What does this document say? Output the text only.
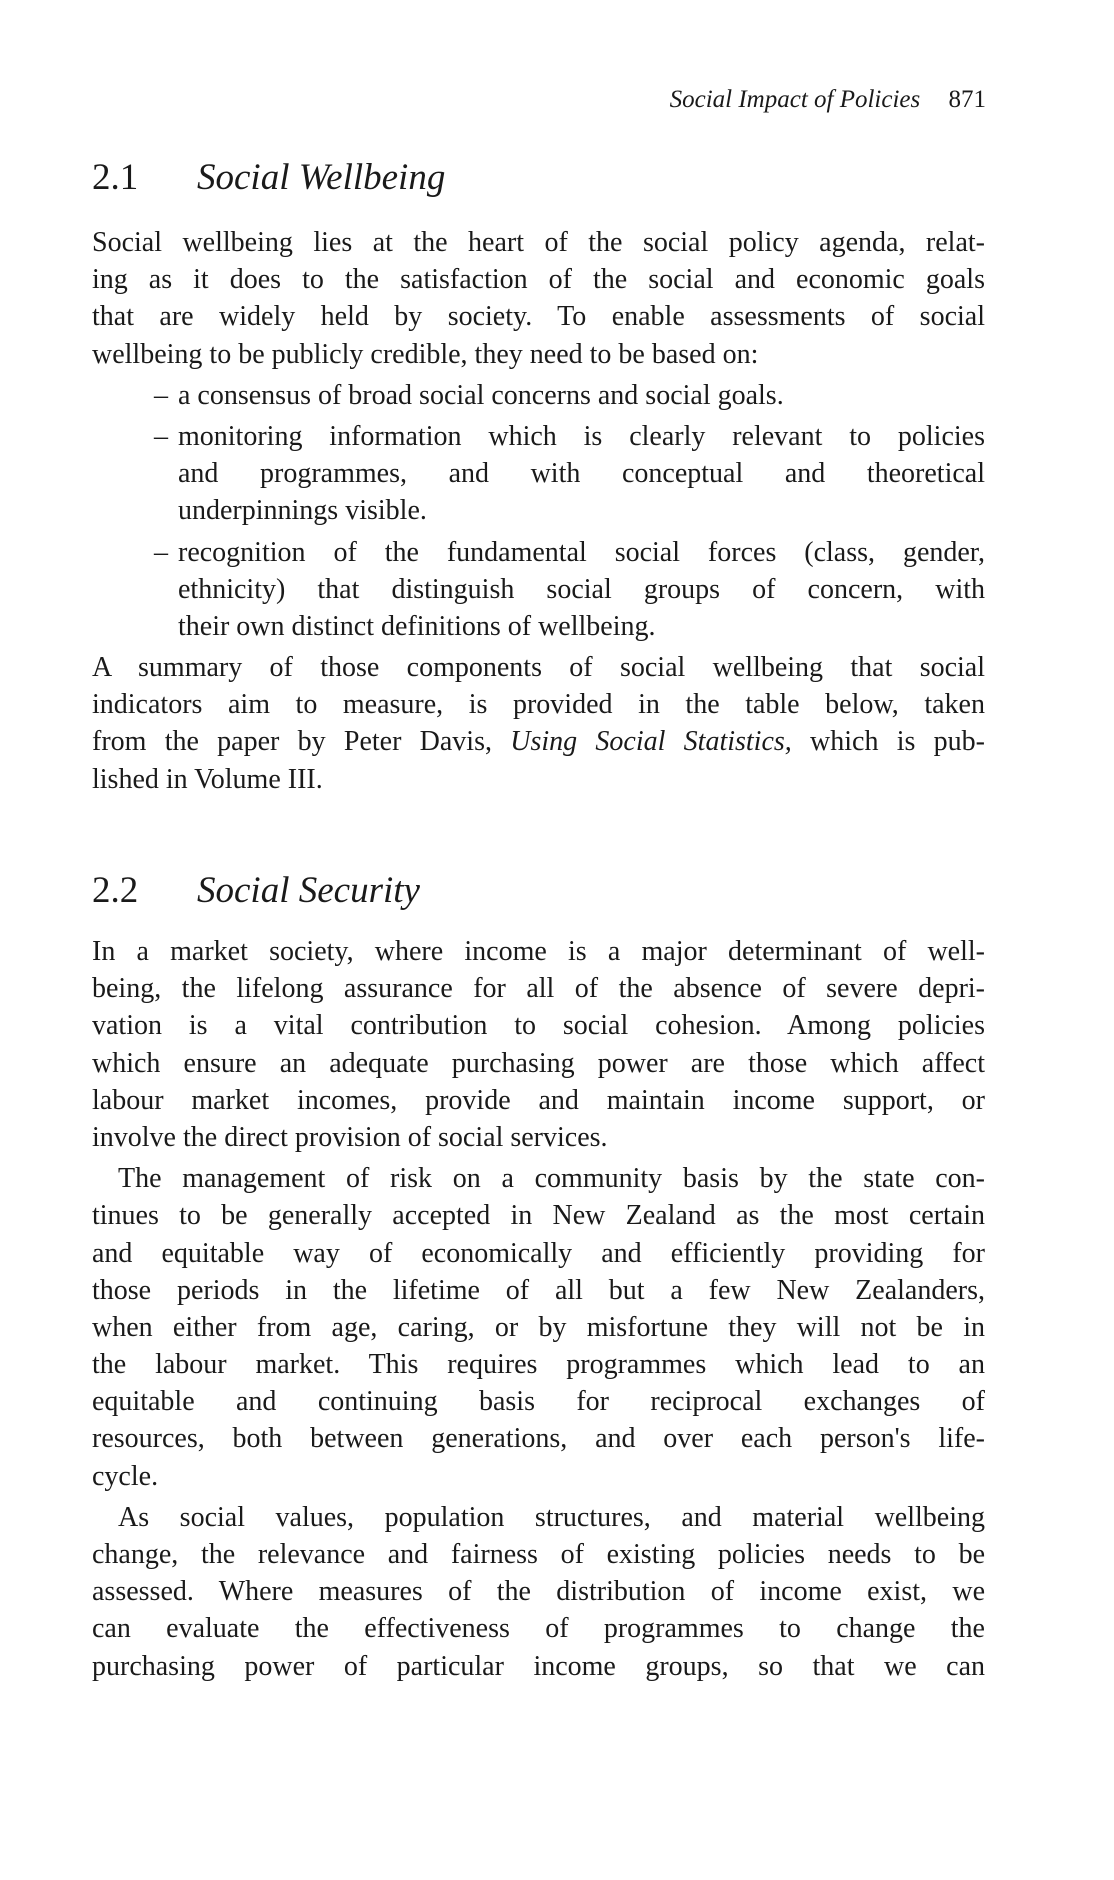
Social Impact of Policies 871
2.1 Social Wellbeing
Social wellbeing lies at the heart of the social policy agenda, relat-
ing as it does to the satisfaction of the social and economic goals
that are widely held by society. To enable assessments of social
wellbeing to be publicly credible, they need to be based on:
– a consensus of broad social concerns and social goals.
– monitoring information which is clearly relevant to policies
and programmes, and with conceptual and theoretical
underpinnings visible.
– recognition of the fundamental social forces (class, gender,
ethnicity) that distinguish social groups of concern, with
their own distinct definitions of wellbeing.
A summary of those components of social wellbeing that social
indicators aim to measure, is provided in the table below, taken
from the paper by Peter Davis, Using Social Statistics, which is pub-
lished in Volume III.
2.2 Social Security
In a market society, where income is a major determinant of well-
being, the lifelong assurance for all of the absence of severe depri-
vation is a vital contribution to social cohesion. Among policies
which ensure an adequate purchasing power are those which affect
labour market incomes, provide and maintain income support, or
involve the direct provision of social services.
The management of risk on a community basis by the state con-
tinues to be generally accepted in New Zealand as the most certain
and equitable way of economically and efficiently providing for
those periods in the lifetime of all but a few New Zealanders,
when either from age, caring, or by misfortune they will not be in
the labour market. This requires programmes which lead to an
equitable and continuing basis for reciprocal exchanges of
resources, both between generations, and over each person's life-
cycle.
As social values, population structures, and material wellbeing
change, the relevance and fairness of existing policies needs to be
assessed. Where measures of the distribution of income exist, we
can evaluate the effectiveness of programmes to change the
purchasing power of particular income groups, so that we can
